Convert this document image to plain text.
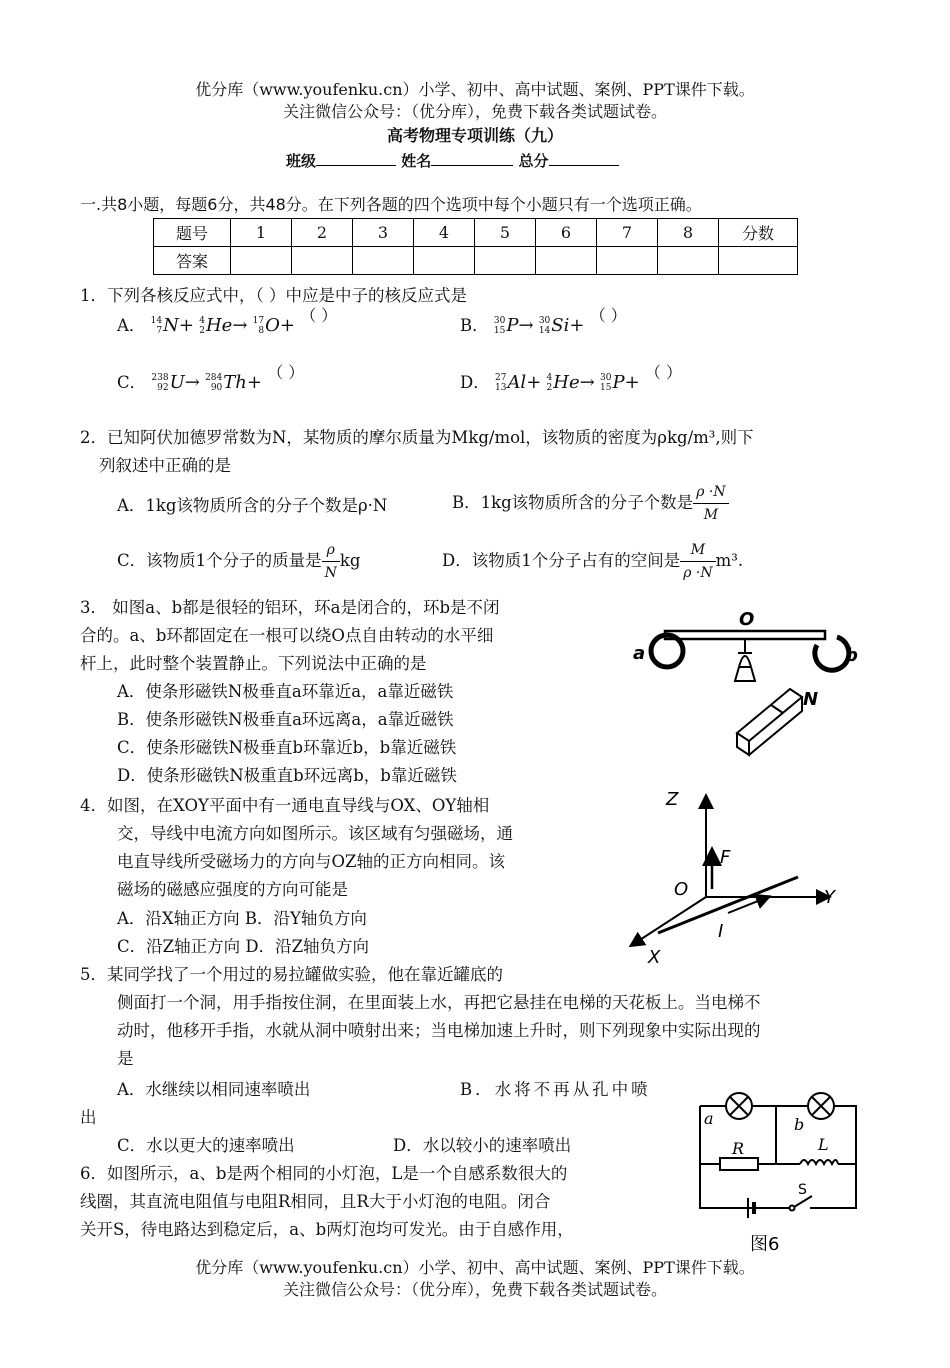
优分库（www.youfenku.cn）小学、初中、高中试题、案例、PPT课件下载。
关注微信公众号：（优分库），免费下载各类试题试卷。
高考物理专项训练（九）
班级	姓名	总分
一.共8小题，每题6分，共48分。在下列各题的四个选项中每个小题只有一个选项正确。
题号	1	2	3	4	5	6	7	8	分数
答案									
1．下列各核反应式中，（ ）中应是中子的核反应式是
A． 14
7N+ 4
2He→ 17
8O+ （ ）
B． 30
15P→ 30
14Si+ （ ）
C． 238
92U→ 284
90Th+ （ ）
D． 27
13Al+ 4
2He→ 30
15P+ （ ）
2．已知阿伏加德罗常数为N，某物质的摩尔质量为Mkg/mol，该物质的密度为ρkg/m³,则下
列叙述中正确的是
A．1kg该物质所含的分子个数是ρ·N	B．1kg该物质所含的分子个数是 $\frac{\rho \cdot N}{M}$
C．该物质1个分子的质量是 $\frac{\rho}{N}$ kg	D．该物质1个分子占有的空间是 $\frac{M}{\rho \cdot N} m^3$.
3． 如图a、b都是很轻的铝环，环a是闭合的，环b是不闭
合的。a、b环都固定在一根可以绕O点自由转动的水平细
杆上，此时整个装置静止。下列说法中正确的是
A．使条形磁铁N极垂直a环靠近a，a靠近磁铁
B．使条形磁铁N极垂直a环远离a，a靠近磁铁
C．使条形磁铁N极垂直b环靠近b，b靠近磁铁
D．使条形磁铁N极重直b环远离b，b靠近磁铁
O
a	b
N
4．如图，在XOY平面中有一通电直导线与OX、OY轴相
交，导线中电流方向如图所示。该区域有匀强磁场，通
电直导线所受磁场力的方向与OZ轴的正方向相同。该
磁场的磁感应强度的方向可能是
A．沿X轴正方向 B．沿Y轴负方向
C．沿Z轴正方向 D．沿Z轴负方向
Z
F
O	Y
I
X
5．某同学找了一个用过的易拉罐做实验，他在靠近罐底的
侧面打一个洞，用手指按住洞，在里面装上水，再把它悬挂在电梯的天花板上。当电梯不
动时，他移开手指，水就从洞中喷射出来；当电梯加速上升时，则下列现象中实际出现的
是
A．水继续以相同速率喷出	B．水将不再从孔中喷
出
C．水以更大的速率喷出	D．水以较小的速率喷出
6．如图所示，a、b是两个相同的小灯泡，L是一个自感系数很大的
线圈，其直流电阻值与电阻R相同，且R大于小灯泡的电阻。闭合
关开S，待电路达到稳定后，a、b两灯泡均可发光。由于自感作用，
a	b
R	L
S
图6
优分库（www.youfenku.cn）小学、初中、高中试题、案例、PPT课件下载。
关注微信公众号：（优分库），免费下载各类试题试卷。
